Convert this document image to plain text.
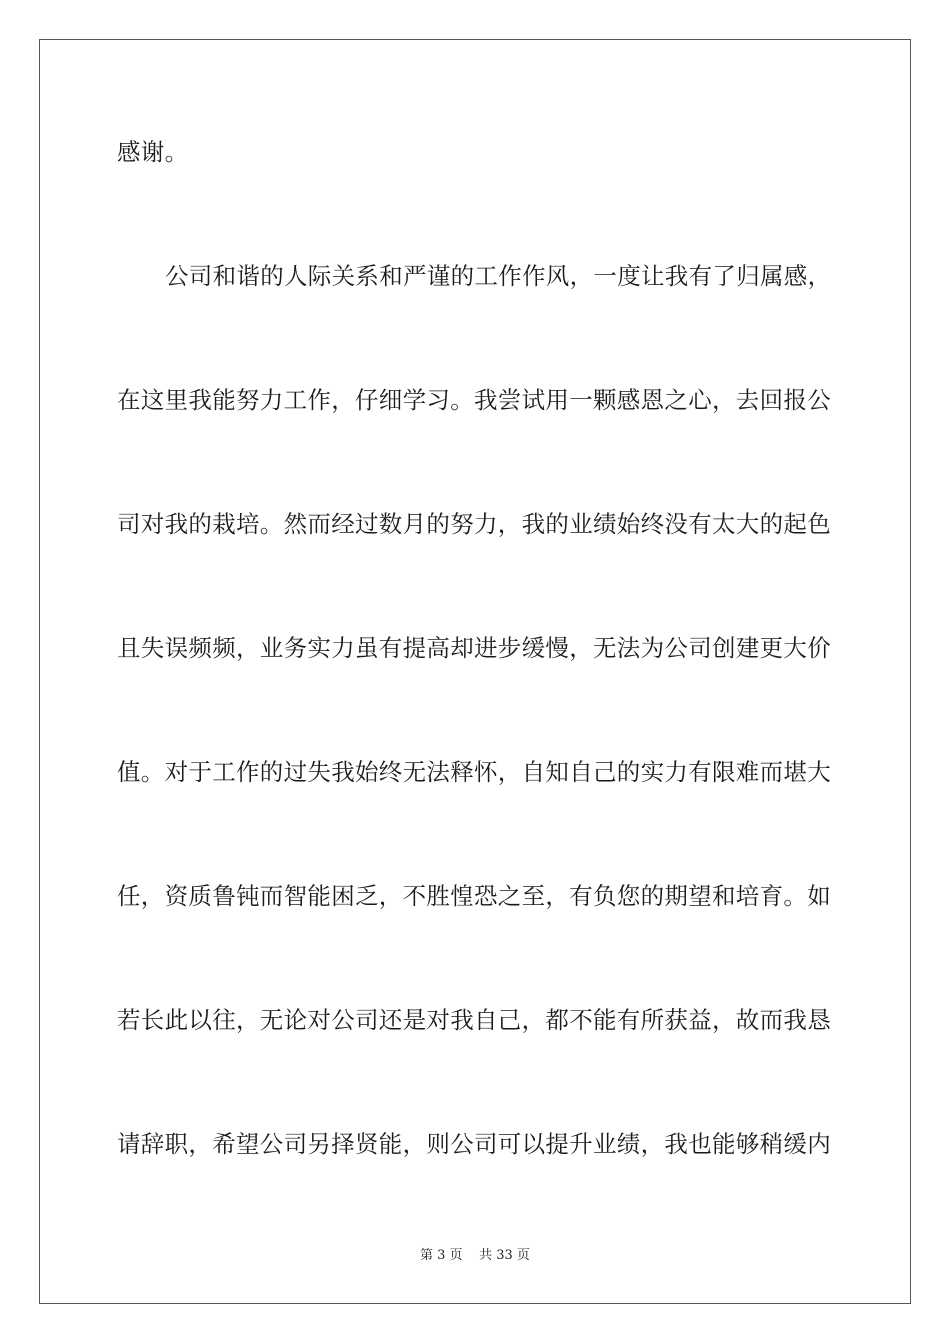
感谢。
公司和谐的人际关系和严谨的工作作风，一度让我有了归属感，
在这里我能努力工作，仔细学习。我尝试用一颗感恩之心，去回报公
司对我的栽培。然而经过数月的努力，我的业绩始终没有太大的起色
且失误频频，业务实力虽有提高却进步缓慢，无法为公司创建更大价
值。对于工作的过失我始终无法释怀，自知自己的实力有限难而堪大
任，资质鲁钝而智能困乏，不胜惶恐之至，有负您的期望和培育。如
若长此以往，无论对公司还是对我自己，都不能有所获益，故而我恳
请辞职，希望公司另择贤能，则公司可以提升业绩，我也能够稍缓内
第 3 页 共 33 页
